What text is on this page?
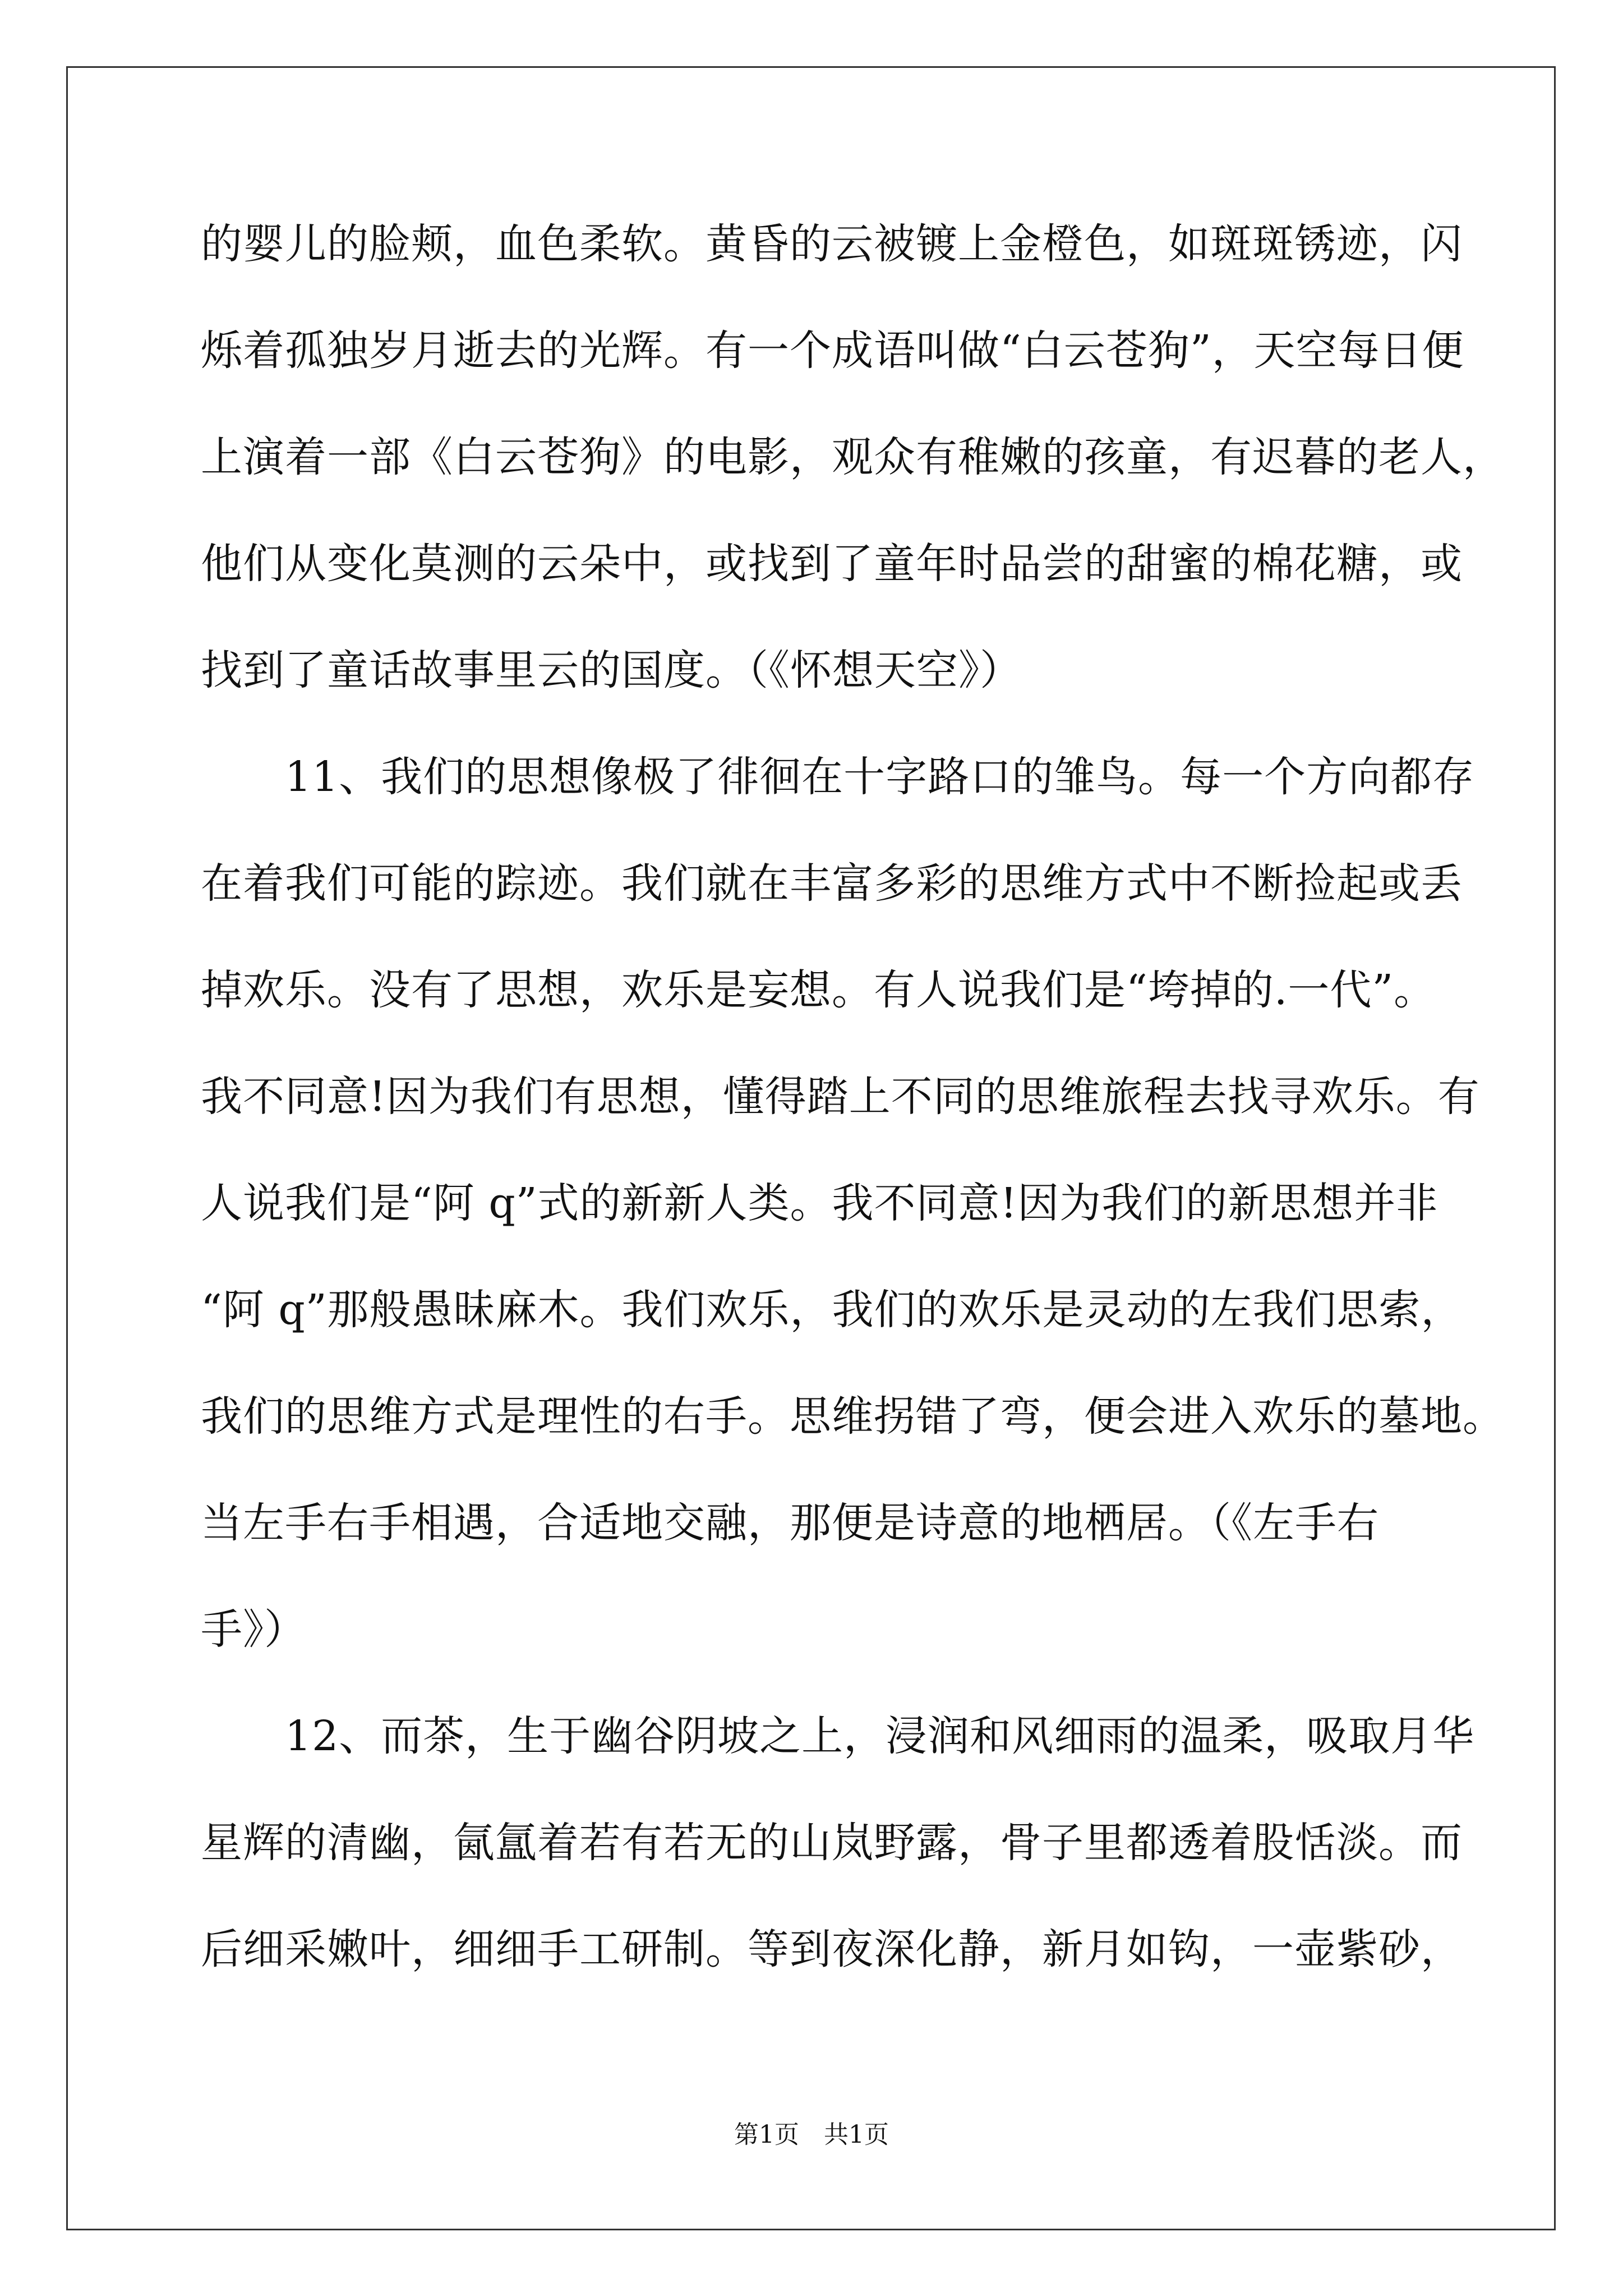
的婴儿的脸颊，血色柔软。黄昏的云被镀上金橙色，如斑斑锈迹，闪
烁着孤独岁月逝去的光辉。有一个成语叫做“白云苍狗”，天空每日便
上演着一部《白云苍狗》的电影，观众有稚嫩的孩童，有迟暮的老人，
他们从变化莫测的云朵中，或找到了童年时品尝的甜蜜的棉花糖，或
找到了童话故事里云的国度。（《怀想天空》）
　　11、我们的思想像极了徘徊在十字路口的雏鸟。每一个方向都存
在着我们可能的踪迹。我们就在丰富多彩的思维方式中不断捡起或丢
掉欢乐。没有了思想，欢乐是妄想。有人说我们是“垮掉的.一代”。
我不同意!因为我们有思想，懂得踏上不同的思维旅程去找寻欢乐。有
人说我们是“阿 q”式的新新人类。我不同意!因为我们的新思想并非
“阿 q”那般愚昧麻木。我们欢乐，我们的欢乐是灵动的左我们思索，
我们的思维方式是理性的右手。思维拐错了弯，便会进入欢乐的墓地。
当左手右手相遇，合适地交融，那便是诗意的地栖居。（《左手右
手》）
　　12、而茶，生于幽谷阴坡之上，浸润和风细雨的温柔，吸取月华
星辉的清幽，氤氲着若有若无的山岚野露，骨子里都透着股恬淡。而
后细采嫩叶，细细手工研制。等到夜深化静，新月如钩，一壶紫砂，
第1页　共1页
